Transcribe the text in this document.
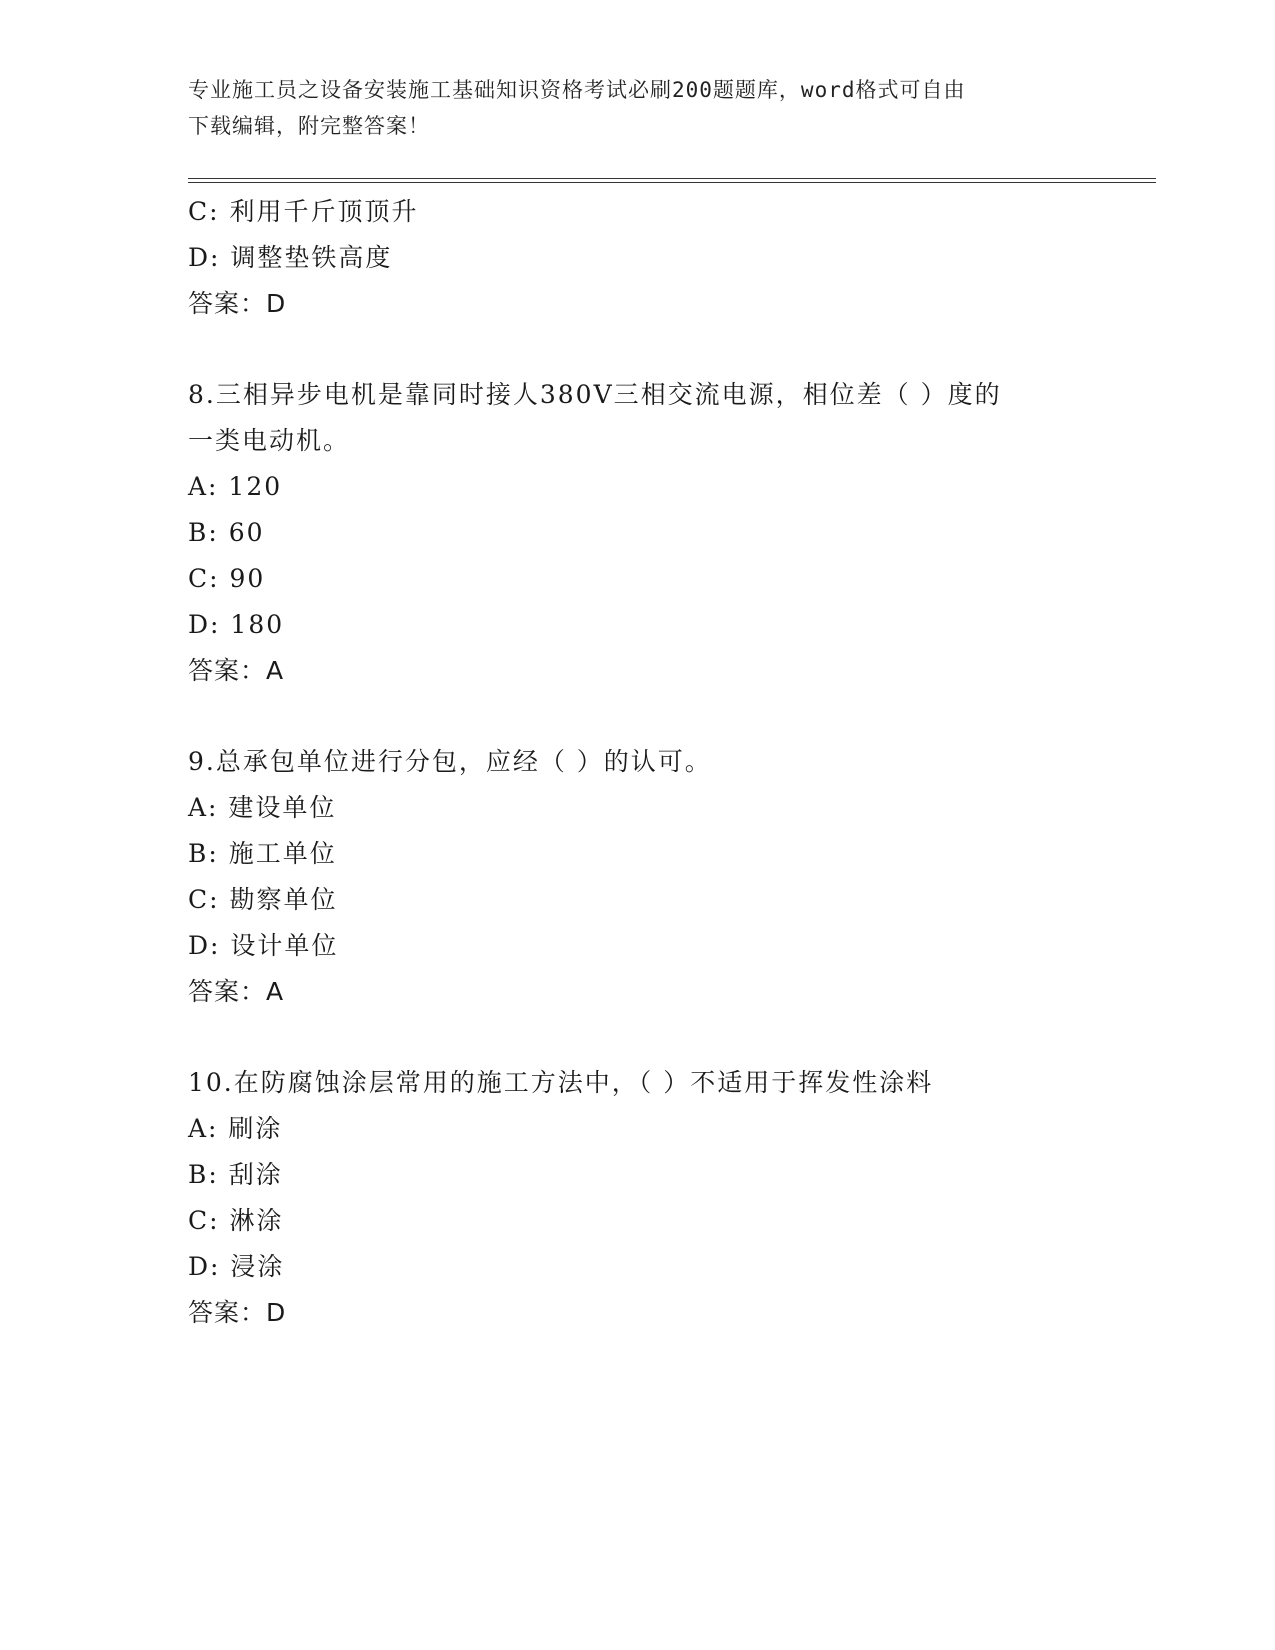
专业施工员之设备安装施工基础知识资格考试必刷200题题库，word格式可自由
下载编辑，附完整答案！
C: 利用千斤顶顶升
D: 调整垫铁高度
答案：D
8.三相异步电机是靠同时接人380V三相交流电源，相位差（ ）度的
一类电动机。
A: 120
B: 60
C: 90
D: 180
答案：A
9.总承包单位进行分包，应经（ ）的认可。
A: 建设单位
B: 施工单位
C: 勘察单位
D: 设计单位
答案：A
10.在防腐蚀涂层常用的施工方法中，（ ）不适用于挥发性涂料
A: 刷涂
B: 刮涂
C: 淋涂
D: 浸涂
答案：D
